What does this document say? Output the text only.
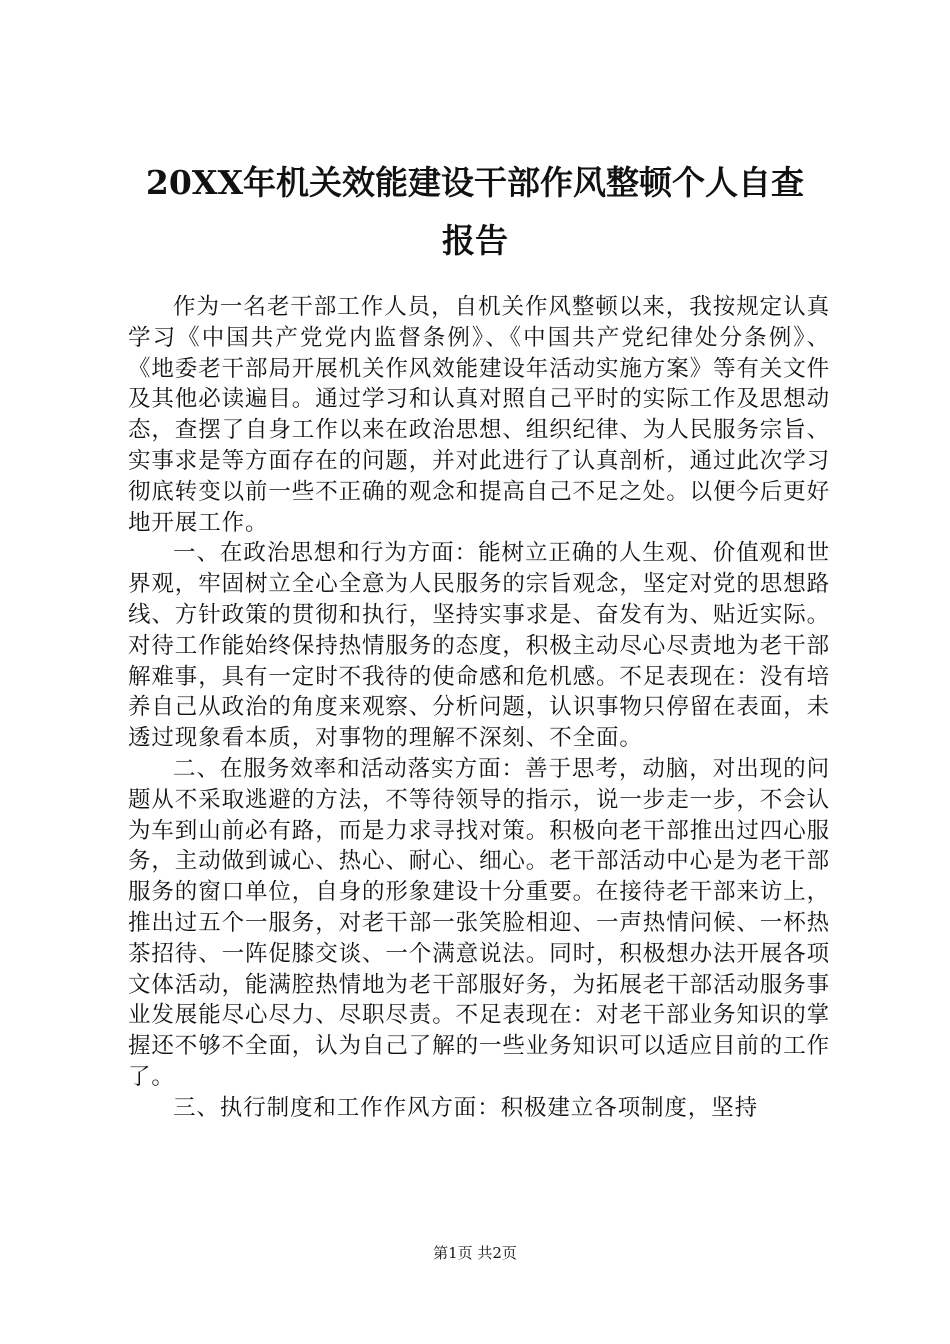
20XX年机关效能建设干部作风整顿个人自查
报告

作为一名老干部工作人员，自机关作风整顿以来，我按规定认真学习《中国共产党党内监督条例》、《中国共产党纪律处分条例》、《地委老干部局开展机关作风效能建设年活动实施方案》等有关文件及其他必读遍目。通过学习和认真对照自己平时的实际工作及思想动态，查摆了自身工作以来在政治思想、组织纪律、为人民服务宗旨、实事求是等方面存在的问题，并对此进行了认真剖析，通过此次学习彻底转变以前一些不正确的观念和提高自己不足之处。以便今后更好地开展工作。

一、在政治思想和行为方面：能树立正确的人生观、价值观和世界观，牢固树立全心全意为人民服务的宗旨观念，坚定对党的思想路线、方针政策的贯彻和执行，坚持实事求是、奋发有为、贴近实际。对待工作能始终保持热情服务的态度，积极主动尽心尽责地为老干部解难事，具有一定时不我待的使命感和危机感。不足表现在：没有培养自己从政治的角度来观察、分析问题，认识事物只停留在表面，未透过现象看本质，对事物的理解不深刻、不全面。

二、在服务效率和活动落实方面：善于思考，动脑，对出现的问题从不采取逃避的方法，不等待领导的指示，说一步走一步，不会认为车到山前必有路，而是力求寻找对策。积极向老干部推出过四心服务，主动做到诚心、热心、耐心、细心。老干部活动中心是为老干部服务的窗口单位，自身的形象建设十分重要。在接待老干部来访上，推出过五个一服务，对老干部一张笑脸相迎、一声热情问候、一杯热茶招待、一阵促膝交谈、一个满意说法。同时，积极想办法开展各项文体活动，能满腔热情地为老干部服好务，为拓展老干部活动服务事业发展能尽心尽力、尽职尽责。不足表现在：对老干部业务知识的掌握还不够不全面，认为自己了解的一些业务知识可以适应目前的工作了。

三、执行制度和工作作风方面：积极建立各项制度，坚持

第1页 共2页
